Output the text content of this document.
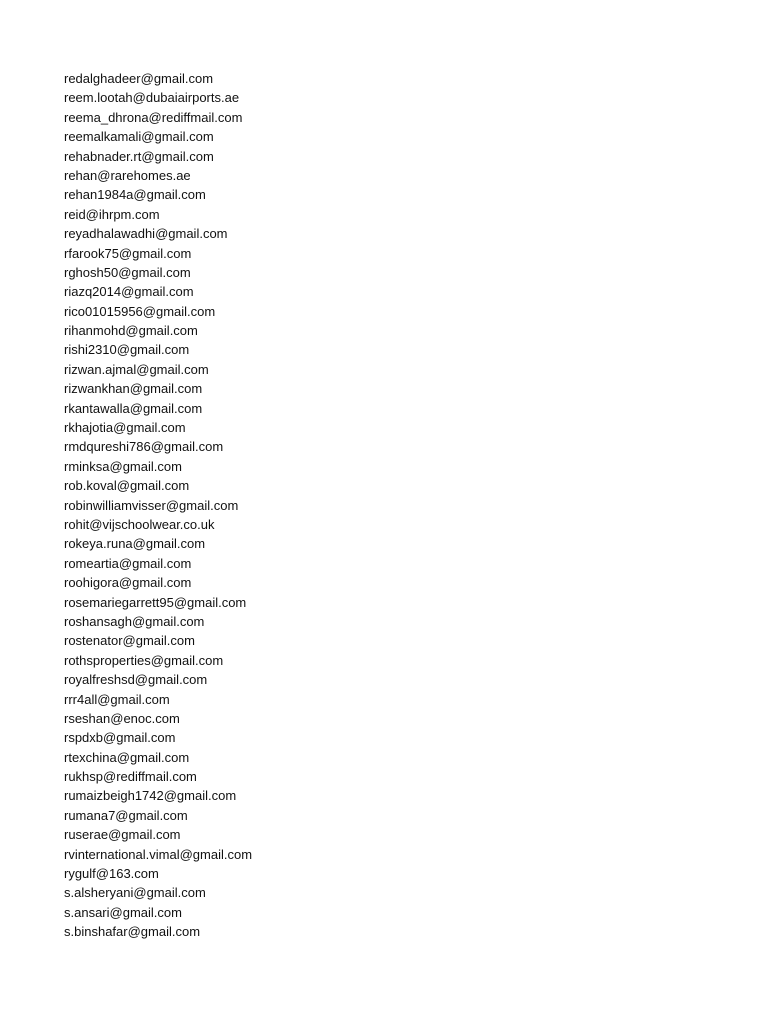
redalghadeer@gmail.com
reem.lootah@dubaiairports.ae
reema_dhrona@rediffmail.com
reemalkamali@gmail.com
rehabnader.rt@gmail.com
rehan@rarehomes.ae
rehan1984a@gmail.com
reid@ihrpm.com
reyadhalawadhi@gmail.com
rfarook75@gmail.com
rghosh50@gmail.com
riazq2014@gmail.com
rico01015956@gmail.com
rihanmohd@gmail.com
rishi2310@gmail.com
rizwan.ajmal@gmail.com
rizwankhan@gmail.com
rkantawalla@gmail.com
rkhajotia@gmail.com
rmdqureshi786@gmail.com
rminksa@gmail.com
rob.koval@gmail.com
robinwilliamvisser@gmail.com
rohit@vijschoolwear.co.uk
rokeya.runa@gmail.com
romeartia@gmail.com
roohigora@gmail.com
rosemariegarrett95@gmail.com
roshansagh@gmail.com
rostenator@gmail.com
rothsproperties@gmail.com
royalfreshsd@gmail.com
rrr4all@gmail.com
rseshan@enoc.com
rspdxb@gmail.com
rtexchina@gmail.com
rukhsp@rediffmail.com
rumaizbeigh1742@gmail.com
rumana7@gmail.com
ruserae@gmail.com
rvinternational.vimal@gmail.com
rygulf@163.com
s.alsheryani@gmail.com
s.ansari@gmail.com
s.binshafar@gmail.com
